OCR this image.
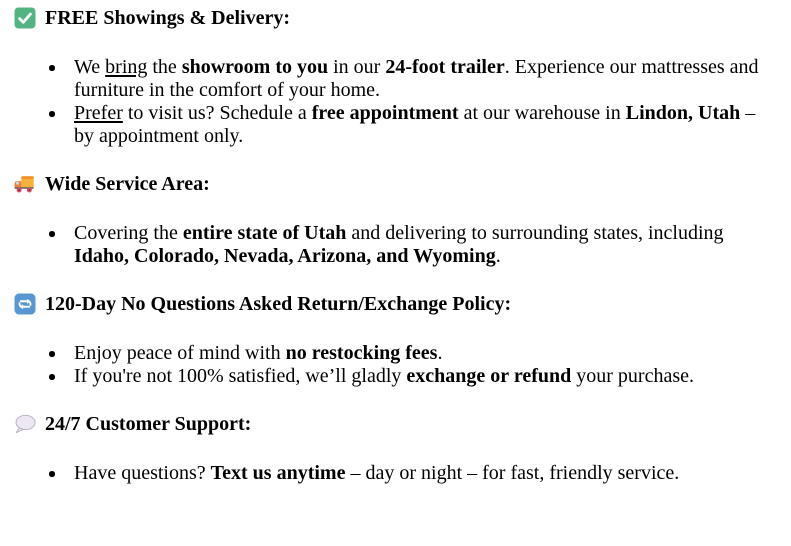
FREE Showings & Delivery:
We bring the showroom to you in our 24-foot trailer. Experience our mattresses and furniture in the comfort of your home.
Prefer to visit us? Schedule a free appointment at our warehouse in Lindon, Utah – by appointment only.
Wide Service Area:
Covering the entire state of Utah and delivering to surrounding states, including Idaho, Colorado, Nevada, Arizona, and Wyoming.
120-Day No Questions Asked Return/Exchange Policy:
Enjoy peace of mind with no restocking fees.
If you're not 100% satisfied, we’ll gladly exchange or refund your purchase.
24/7 Customer Support:
Have questions? Text us anytime – day or night – for fast, friendly service.
